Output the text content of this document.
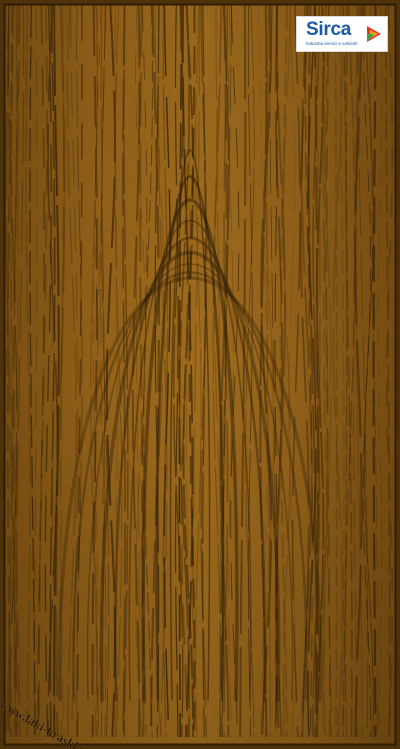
Sirca
industria vernici e solventi
